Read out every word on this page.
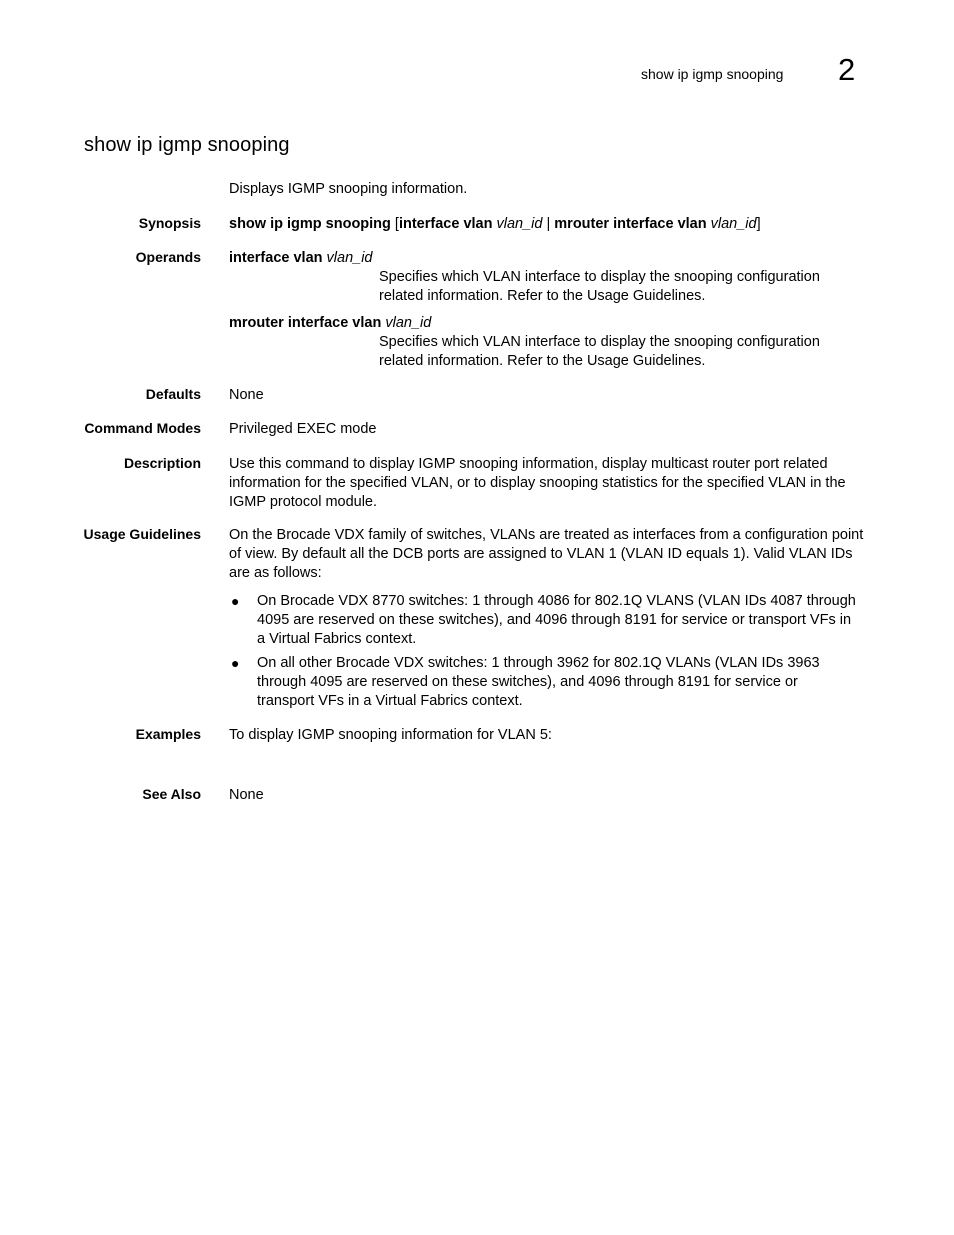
show ip igmp snooping 2
show ip igmp snooping
Displays IGMP snooping information.
Synopsis show ip igmp snooping [interface vlan vlan_id | mrouter interface vlan vlan_id]
Operands interface vlan vlan_id
Specifies which VLAN interface to display the snooping configuration related information. Refer to the Usage Guidelines.
mrouter interface vlan vlan_id
Specifies which VLAN interface to display the snooping configuration related information. Refer to the Usage Guidelines.
Defaults None
Command Modes Privileged EXEC mode
Description Use this command to display IGMP snooping information, display multicast router port related information for the specified VLAN, or to display snooping statistics for the specified VLAN in the IGMP protocol module.
Usage Guidelines On the Brocade VDX family of switches, VLANs are treated as interfaces from a configuration point of view. By default all the DCB ports are assigned to VLAN 1 (VLAN ID equals 1). Valid VLAN IDs are as follows:
● On Brocade VDX 8770 switches: 1 through 4086 for 802.1Q VLANS (VLAN IDs 4087 through 4095 are reserved on these switches), and 4096 through 8191 for service or transport VFs in a Virtual Fabrics context.
● On all other Brocade VDX switches: 1 through 3962 for 802.1Q VLANs (VLAN IDs 3963 through 4095 are reserved on these switches), and 4096 through 8191 for service or transport VFs in a Virtual Fabrics context.
Examples To display IGMP snooping information for VLAN 5:
See Also None
